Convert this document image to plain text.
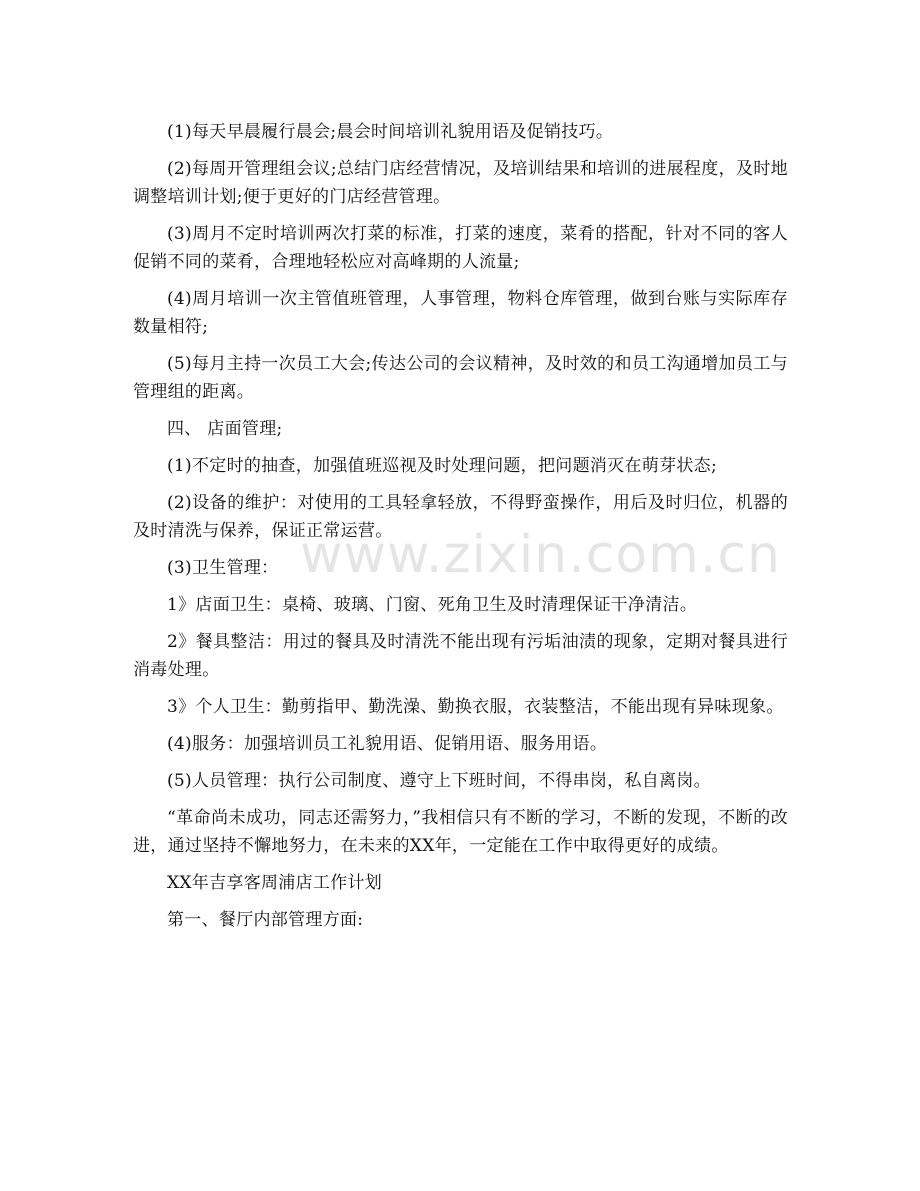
www.zixin.com.cn

(1)每天早晨履行晨会;晨会时间培训礼貌用语及促销技巧。

(2)每周开管理组会议;总结门店经营情况，及培训结果和培训的进展程度，及时地调整培训计划;便于更好的门店经营管理。

(3)周月不定时培训两次打菜的标准，打菜的速度，菜肴的搭配，针对不同的客人促销不同的菜肴，合理地轻松应对高峰期的人流量;

(4)周月培训一次主管值班管理，人事管理，物料仓库管理，做到台账与实际库存数量相符;

(5)每月主持一次员工大会;传达公司的会议精神，及时效的和员工沟通增加员工与管理组的距离。

四、 店面管理;

(1)不定时的抽查，加强值班巡视及时处理问题，把问题消灭在萌芽状态;

(2)设备的维护：对使用的工具轻拿轻放，不得野蛮操作，用后及时归位，机器的及时清洗与保养，保证正常运营。

(3)卫生管理：

1》店面卫生：桌椅、玻璃、门窗、死角卫生及时清理保证干净清洁。

2》餐具整洁：用过的餐具及时清洗不能出现有污垢油渍的现象，定期对餐具进行消毒处理。

3》个人卫生：勤剪指甲、勤洗澡、勤换衣服，衣装整洁，不能出现有异味现象。

(4)服务：加强培训员工礼貌用语、促销用语、服务用语。

(5)人员管理：执行公司制度、遵守上下班时间，不得串岗，私自离岗。

“革命尚未成功，同志还需努力，”我相信只有不断的学习，不断的发现，不断的改进，通过坚持不懈地努力，在未来的XX年，一定能在工作中取得更好的成绩。

XX年吉享客周浦店工作计划

第一、餐厅内部管理方面:
